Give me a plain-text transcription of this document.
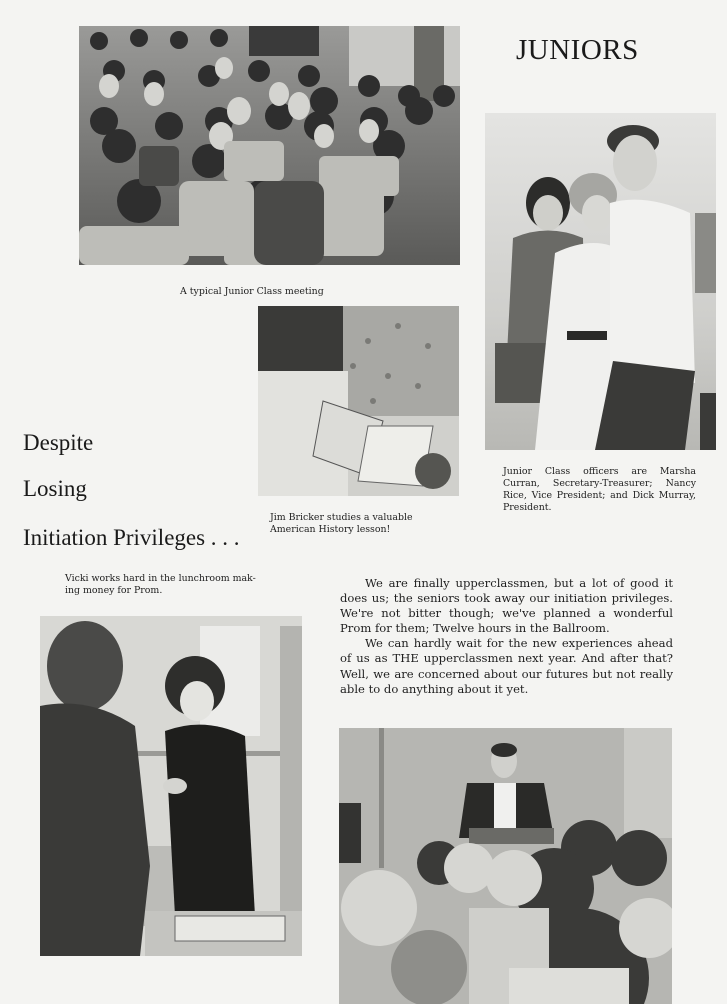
JUNIORS
A typical Junior Class meeting
Junior Class officers are Marsha Curran, Secretary-Treasurer; Nancy Rice, Vice President; and Dick Murray, President.
Jim Bricker studies a valuable
American History lesson!
Despite
Losing
Initiation Privileges . . .
Vicki works hard in the lunchroom mak-
ing money for Prom.

We are finally upperclassmen, but a lot of good it does us; the seniors took away our initiation privileges. We're not bitter though; we've planned a wonderful Prom for them; Twelve hours in the Ballroom.

We can hardly wait for the new experiences ahead of us as THE upperclassmen next year. And after that? Well, we are concerned about our futures but not really able to do anything about it yet.
